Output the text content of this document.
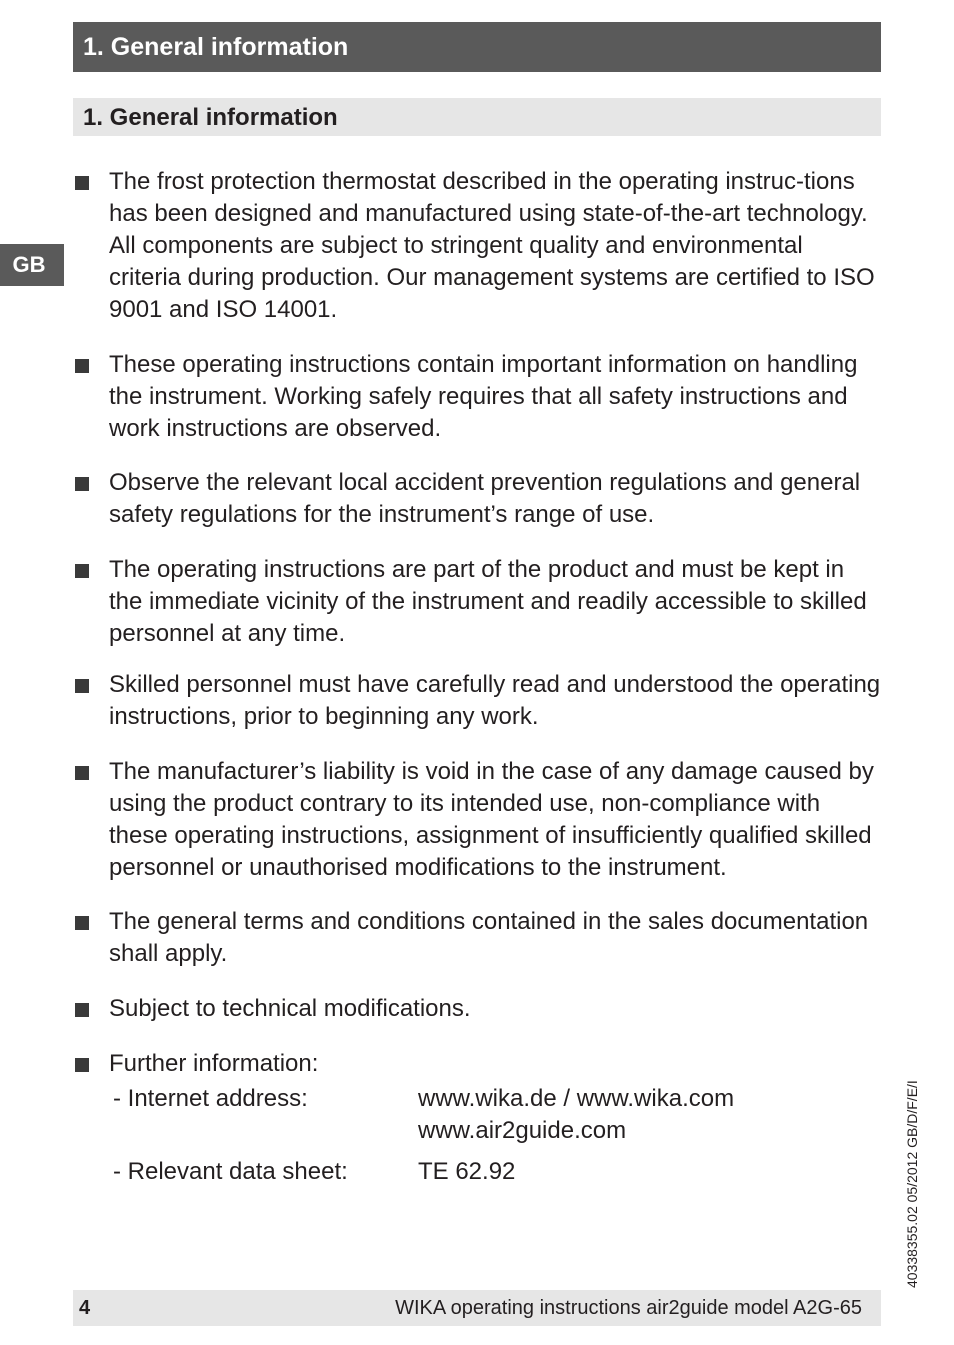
1. General information
1. General information
GB
The frost protection thermostat described in the operating instruc-tions has been designed and manufactured using state-of-the-art technology. All components are subject to stringent quality and environmental criteria during production. Our management systems are certified to ISO 9001 and ISO 14001.
These operating instructions contain important information on handling the instrument. Working safely requires that all safety instructions and work instructions are observed.
Observe the relevant local accident prevention regulations and general safety regulations for the instrument’s range of use.
The operating instructions are part of the product and must be kept in the immediate vicinity of the instrument and readily accessible to skilled personnel at any time.
Skilled personnel must have carefully read and understood the operating instructions, prior to beginning any work.
The manufacturer’s liability is void in the case of any damage caused by using the product contrary to its intended use, non-compliance with these operating instructions, assignment of insufficiently qualified skilled personnel or unauthorised modifications to the instrument.
The general terms and conditions contained in the sales documentation shall apply.
Subject to technical modifications.
Further information:
- Internet address:	www.wika.de / www.wika.com
www.air2guide.com
- Relevant data sheet:	TE 62.92	40338355.02 05/2012 GB/D/F/E/I
4	WIKA operating instructions air2guide model A2G-65
